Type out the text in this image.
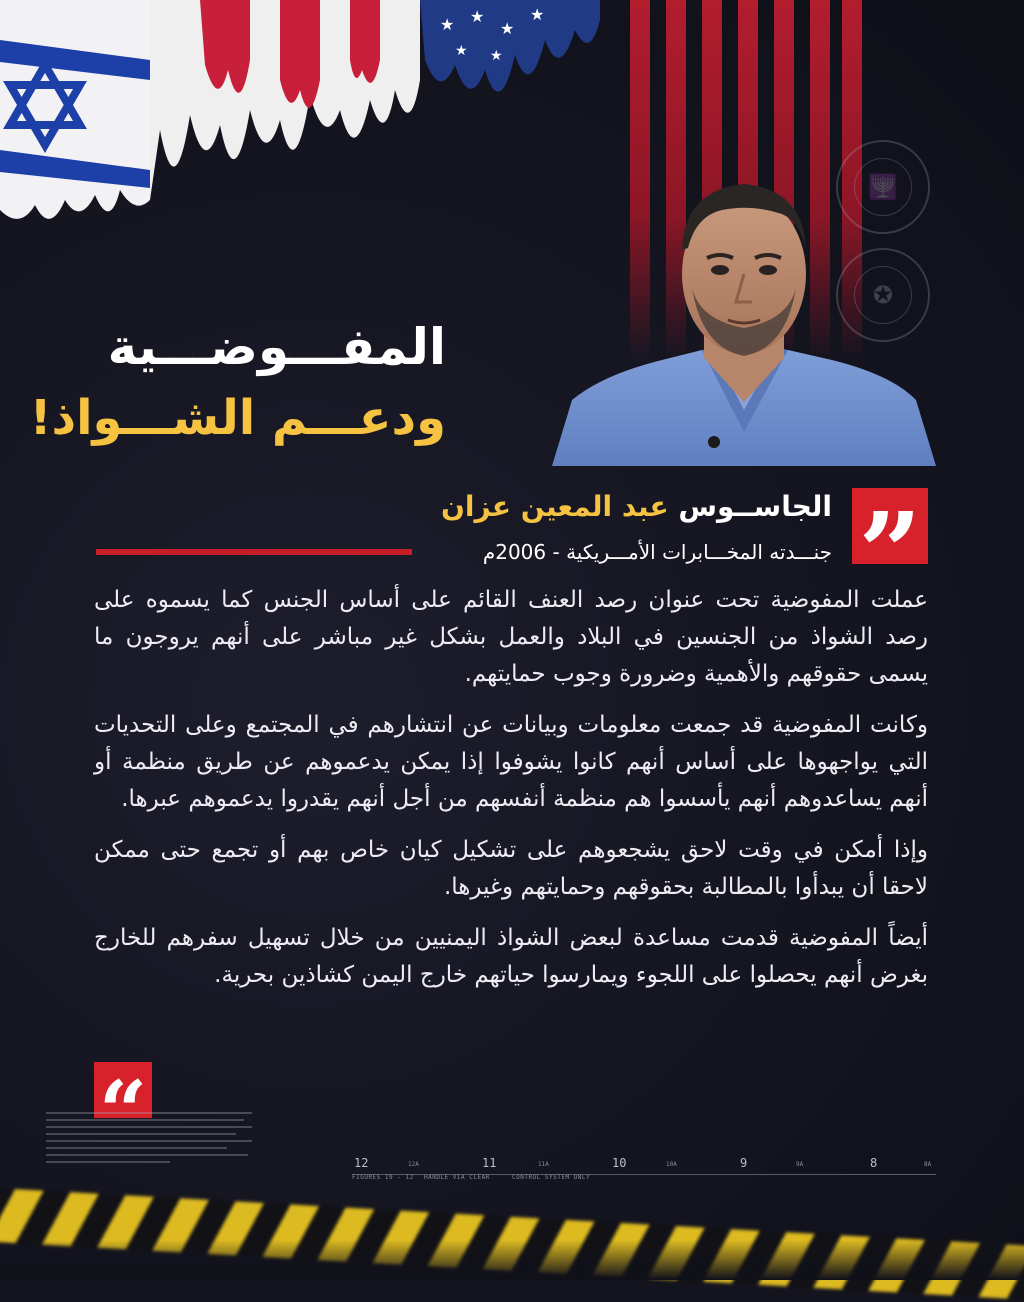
★ ★
★
★
★ ★
🕎
✪
المفـــوضـــية
ودعـــم الشـــواذ!
”
الجاســوس عبد المعين عزان
جنـــدته المخـــابرات الأمـــريكية - 2006م

عملت المفوضية تحت عنوان رصد العنف القائم على أساس الجنس كما يسموه على رصد الشواذ من الجنسين في البلاد والعمل بشكل غير مباشر على أنهم يروجون ما يسمى حقوقهم والأهمية وضرورة وجوب حمايتهم.

وكانت المفوضية قد جمعت معلومات وبيانات عن انتشارهم في المجتمع وعلى التحديات التي يواجهوها على أساس أنهم كانوا يشوفوا إذا يمكن يدعموهم عن طريق منظمة أو أنهم يساعدوهم أنهم يأسسوا هم منظمة أنفسهم من أجل أنهم يقدروا يدعموهم عبرها.

وإذا أمكن في وقت لاحق يشجعوهم على تشكيل كيان خاص بهم أو تجمع حتى ممكن لاحقا أن يبدأوا بالمطالبة بحقوقهم وحمايتهم وغيرها.

أيضاً المفوضية قدمت مساعدة لبعض الشواذ اليمنيين من خلال تسهيل سفرهم للخارج بغرض أنهم يحصلوا على اللجوء ويمارسوا حياتهم خارج اليمن كشاذين بحرية.

“
12	12A	11	11A	10	10A	9	9A	8	8A
FIGURES 19 - 12 HANDLE VIA CLEAR	CONTROL SYSTEM ONLY
